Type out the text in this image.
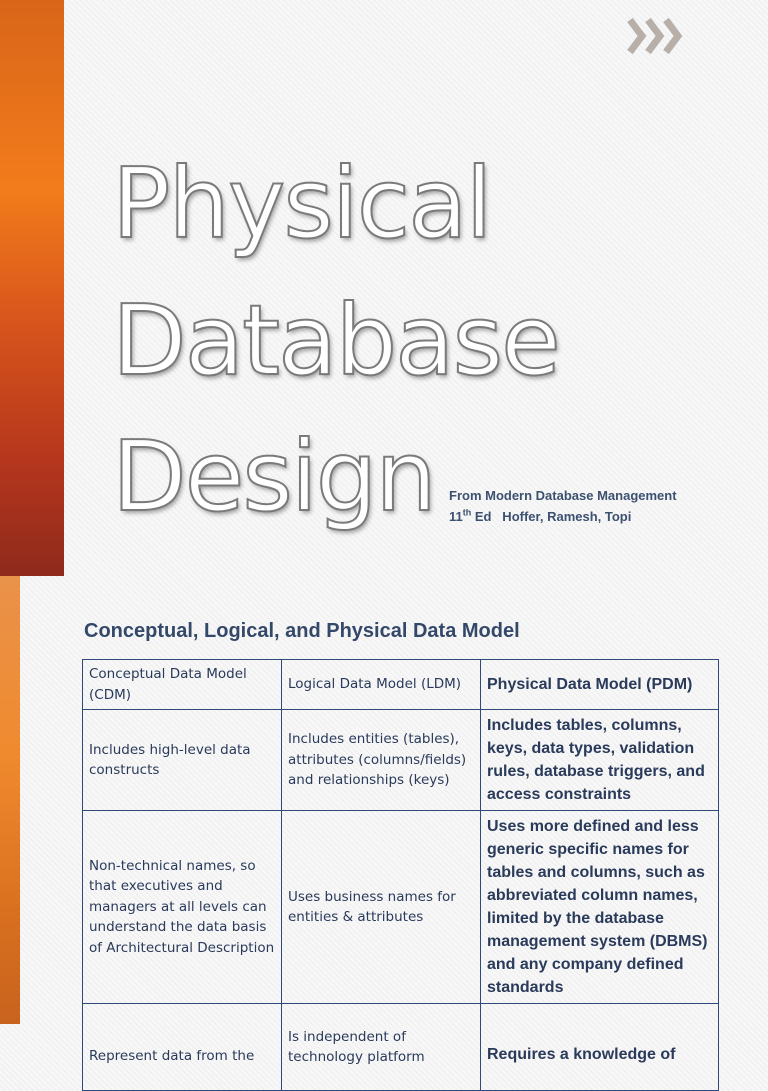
Physical
Database
Design From Modern Database Management
11th Ed   Hoffer, Ramesh, Topi
Conceptual, Logical, and Physical Data Model
Conceptual Data Model (CDM)	Logical Data Model (LDM)	Physical Data Model (PDM)
Includes high-level data constructs	Includes entities (tables), attributes (columns/fields) and relationships (keys)	Includes tables, columns, keys, data types, validation rules, database triggers, and access constraints
Non-technical names, so that executives and managers at all levels can understand the data basis of Architectural Description	Uses business names for entities & attributes	Uses more defined and less generic specific names for tables and columns, such as abbreviated column names, limited by the database management system (DBMS) and any company defined standards
Represent data from the	Is independent of technology platform	Requires a knowledge of
